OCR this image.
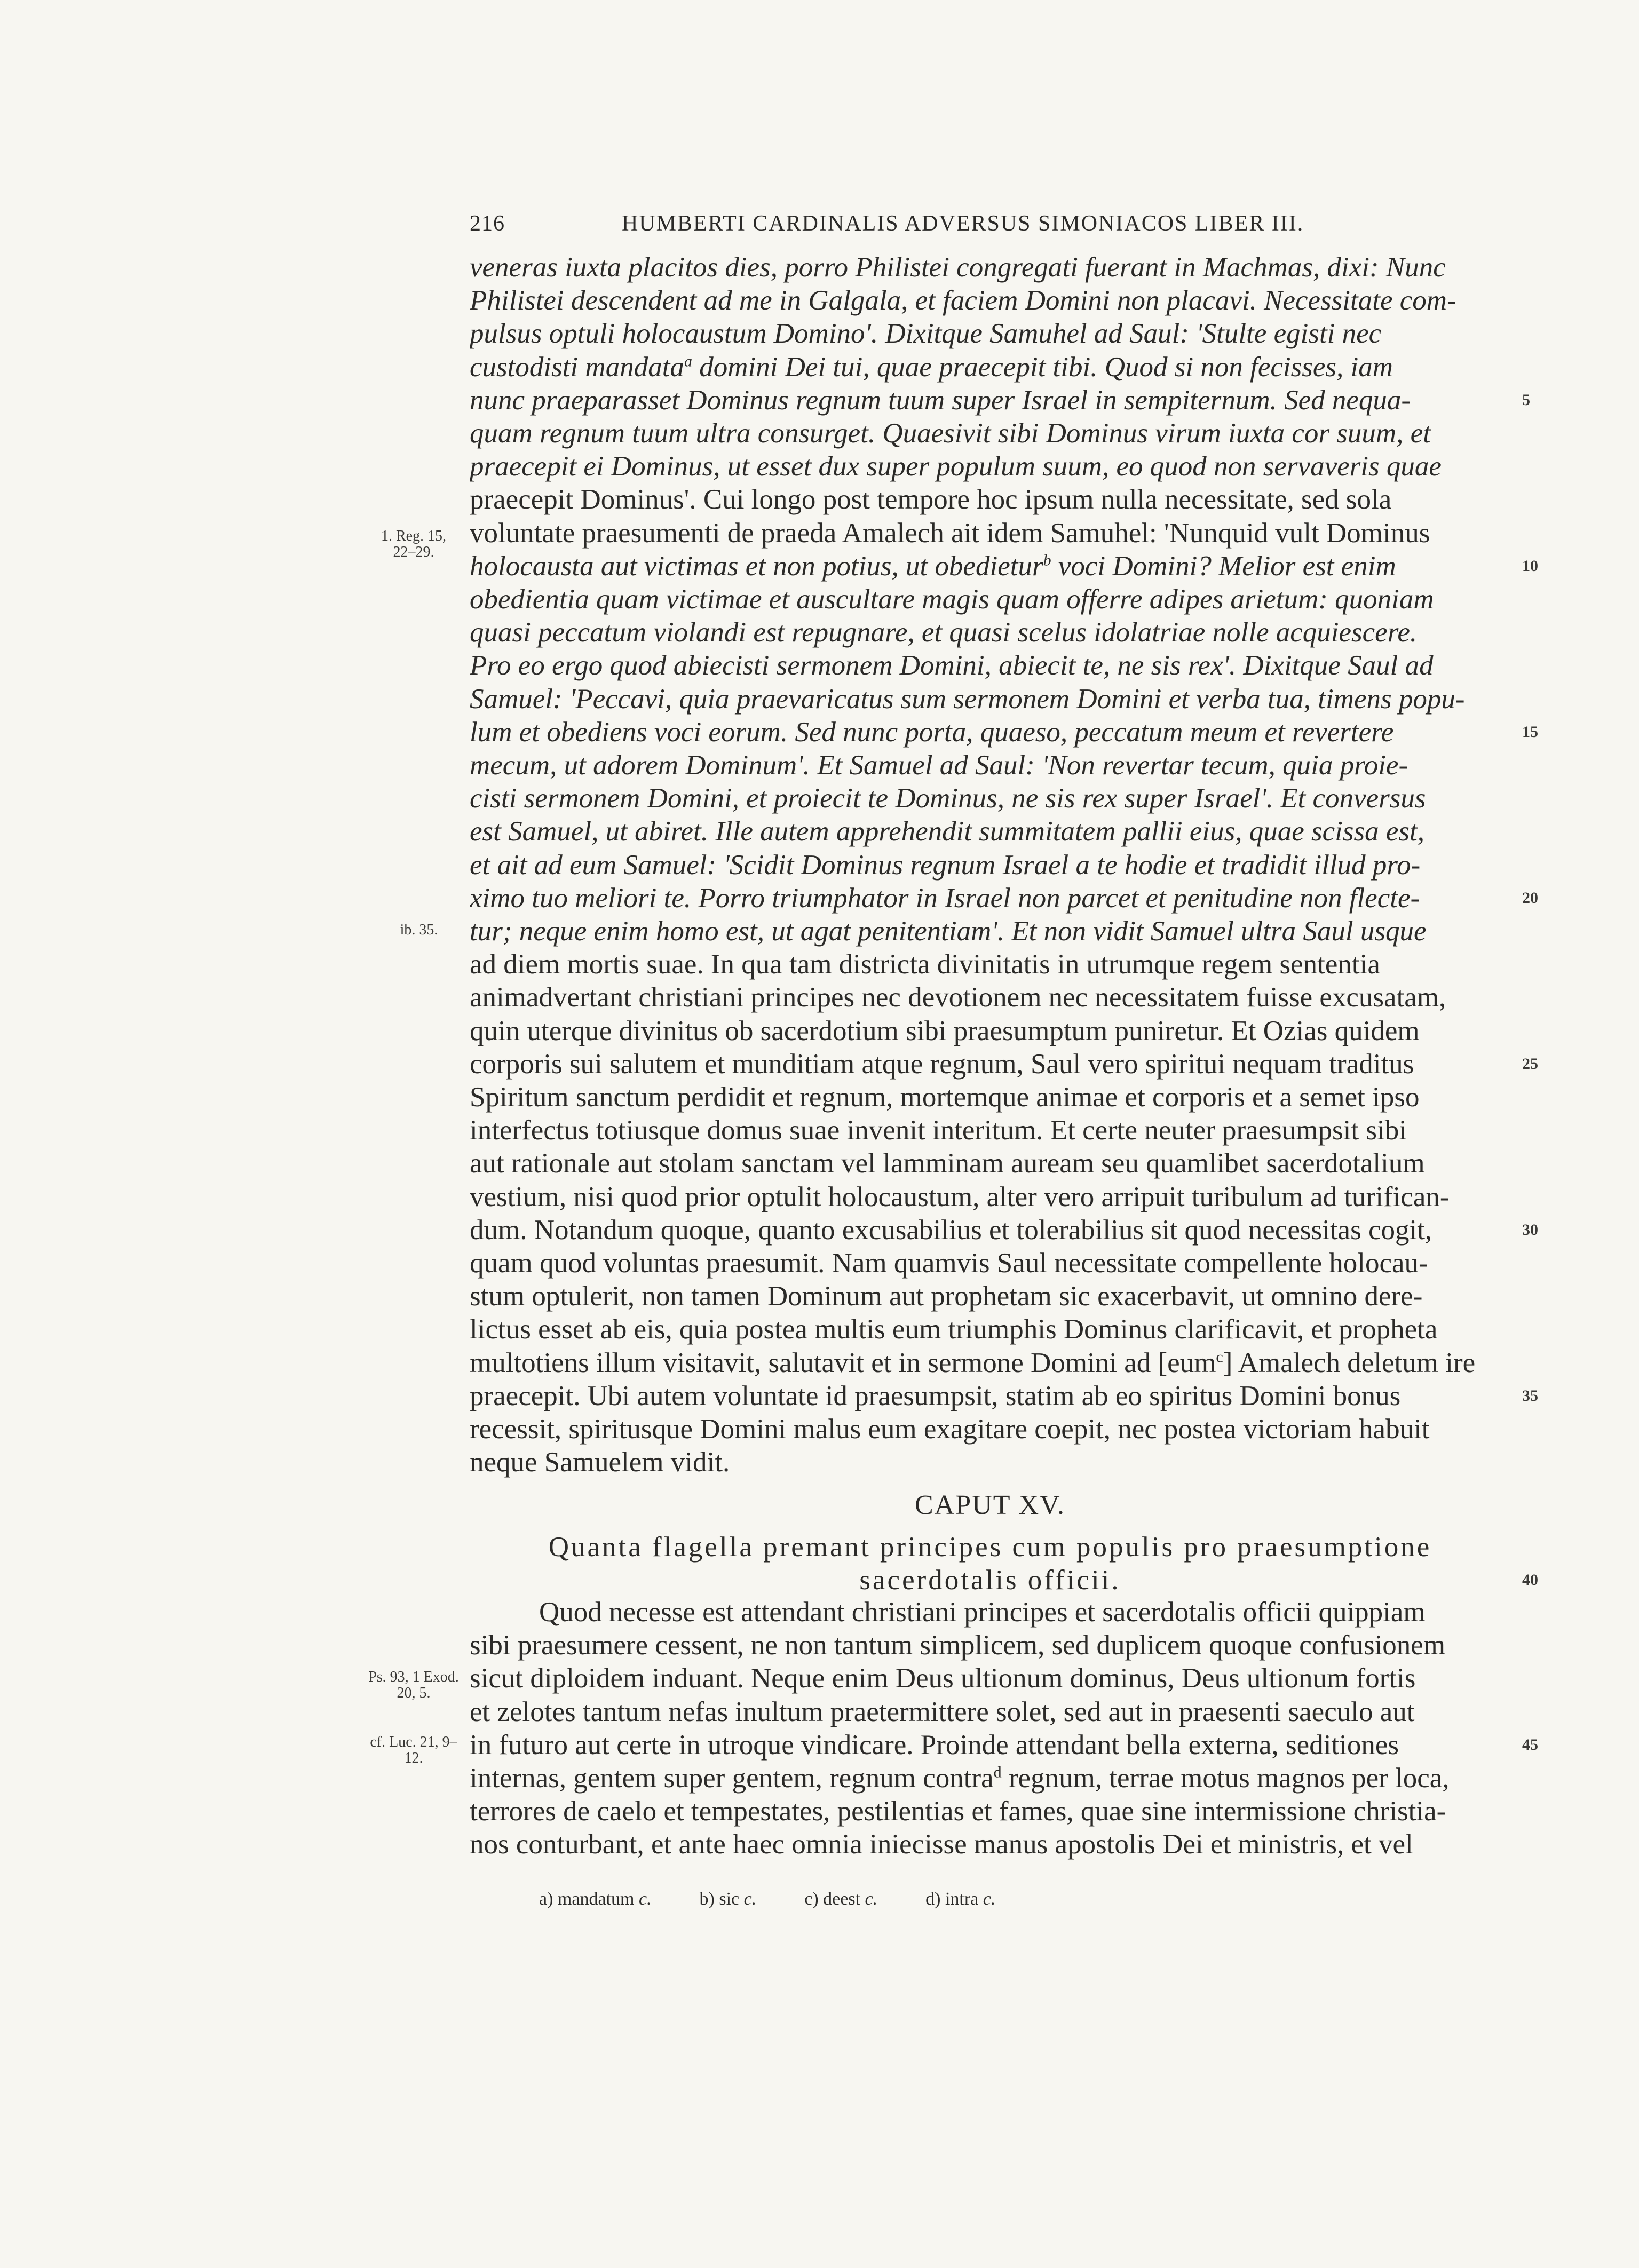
216	HUMBERTI CARDINALIS ADVERSUS SIMONIACOS LIBER III.
veneras iuxta placitos dies, porro Philistei congregati fuerant in Machmas, dixi: Nunc
Philistei descendent ad me in Galgala, et faciem Domini non placavi. Necessitate com-
pulsus optuli holocaustum Domino'. Dixitque Samuhel ad Saul: 'Stulte egisti nec
custodisti mandata$^a$ domini Dei tui, quae praecepit tibi. Quod si non fecisses, iam
nunc praeparasset Dominus regnum tuum super Israel in sempiternum. Sed nequa-	5
quam regnum tuum ultra consurget. Quaesivit sibi Dominus virum iuxta cor suum, et
praecepit ei Dominus, ut esset dux super populum suum, eo quod non servaveris quae
praecepit Dominus'. Cui longo post tempore hoc ipsum nulla necessitate, sed sola
voluntate praesumenti de praeda Amalech ait idem Samuhel: 'Nunquid vult Dominus
holocausta aut victimas et non potius, ut obedietur$^b$ voci Domini? Melior est enim	10
obedientia quam victimae et auscultare magis quam offerre adipes arietum: quoniam
quasi peccatum violandi est repugnare, et quasi scelus idolatriae nolle acquiescere.
Pro eo ergo quod abiecisti sermonem Domini, abiecit te, ne sis rex'. Dixitque Saul ad
Samuel: 'Peccavi, quia praevaricatus sum sermonem Domini et verba tua, timens popu-
lum et obediens voci eorum. Sed nunc porta, quaeso, peccatum meum et revertere	15
mecum, ut adorem Dominum'. Et Samuel ad Saul: 'Non revertar tecum, quia proie-
cisti sermonem Domini, et proiecit te Dominus, ne sis rex super Israel'. Et conversus
est Samuel, ut abiret. Ille autem apprehendit summitatem pallii eius, quae scissa est,
et ait ad eum Samuel: 'Scidit Dominus regnum Israel a te hodie et tradidit illud pro-
ximo tuo meliori te. Porro triumphator in Israel non parcet et penitudine non flecte-	20
tur; neque enim homo est, ut agat penitentiam'. Et non vidit Samuel ultra Saul usque
ad diem mortis suae. In qua tam districta divinitatis in utrumque regem sententia
animadvertant christiani principes nec devotionem nec necessitatem fuisse excusatam,
quin uterque divinitus ob sacerdotium sibi praesumptum puniretur. Et Ozias quidem
corporis sui salutem et munditiam atque regnum, Saul vero spiritui nequam traditus	25
Spiritum sanctum perdidit et regnum, mortemque animae et corporis et a semet ipso
interfectus totiusque domus suae invenit interitum. Et certe neuter praesumpsit sibi
aut rationale aut stolam sanctam vel lamminam auream seu quamlibet sacerdotalium
vestium, nisi quod prior optulit holocaustum, alter vero arripuit turibulum ad turifican-
dum. Notandum quoque, quanto excusabilius et tolerabilius sit quod necessitas cogit,	30
quam quod voluntas praesumit. Nam quamvis Saul necessitate compellente holocau-
stum optulerit, non tamen Dominum aut prophetam sic exacerbavit, ut omnino dere-
lictus esset ab eis, quia postea multis eum triumphis Dominus clarificavit, et propheta
multotiens illum visitavit, salutavit et in sermone Domini ad [eum$^c$] Amalech deletum ire
praecepit. Ubi autem voluntate id praesumpsit, statim ab eo spiritus Domini bonus	35
recessit, spiritusque Domini malus eum exagitare coepit, nec postea victoriam habuit
neque Samuelem vidit.
CAPUT XV.
Quanta flagella premant principes cum populis pro praesumptione
sacerdotalis officii.	40
Quod necesse est attendant christiani principes et sacerdotalis officii quippiam
sibi praesumere cessent, ne non tantum simplicem, sed duplicem quoque confusionem
sicut diploidem induant. Neque enim Deus ultionum dominus, Deus ultionum fortis
et zelotes tantum nefas inultum praetermittere solet, sed aut in praesenti saeculo aut
in futuro aut certe in utroque vindicare. Proinde attendant bella externa, seditiones	45
internas, gentem super gentem, regnum contra$^d$ regnum, terrae motus magnos per loca,
terrores de caelo et tempestates, pestilentias et fames, quae sine intermissione christia-
nos conturbant, et ante haec omnia iniecisse manus apostolis Dei et ministris, et vel
1. Reg. 15, 22–29.
ib. 35.
Ps. 93, 1 Exod. 20, 5.
cf. Luc. 21, 9–12.
a) mandatum c.	b) sic c.	c) deest c.	d) intra c.
